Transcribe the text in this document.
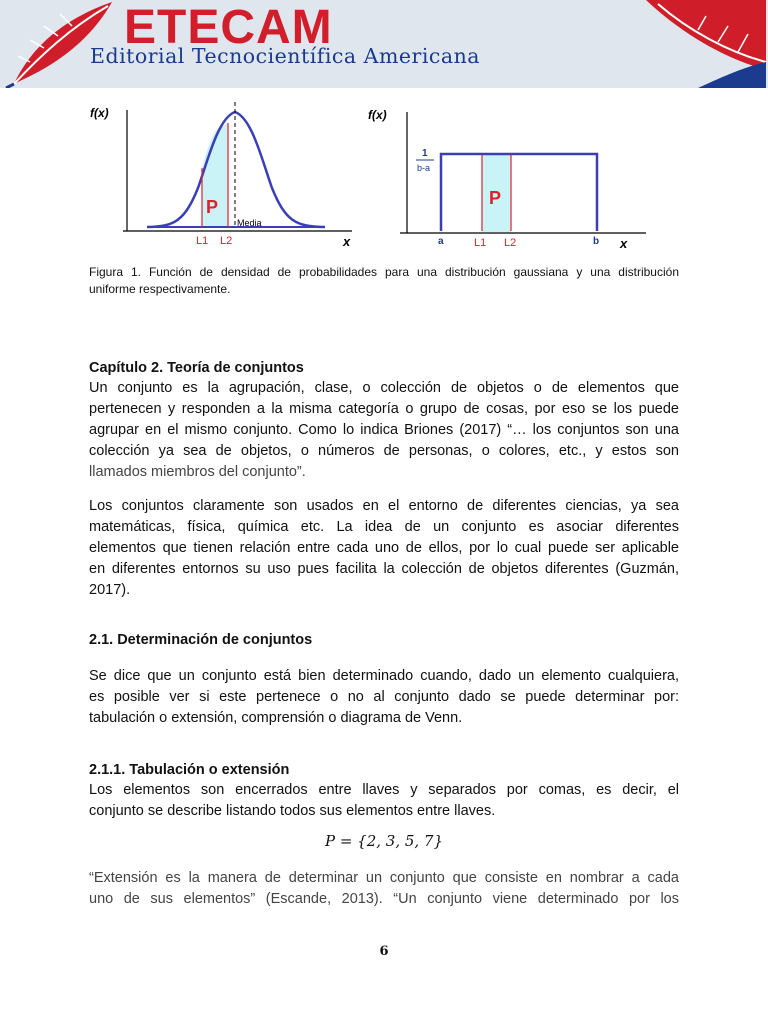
ETECAM
Editorial Tecnocientífica Americana
f(x)
x
P
L1 L2
Media
1
b-a
f(x)
x
P
a	b
L1 L2
Figura 1. Función de densidad de probabilidades para una distribución gaussiana y una distribución
uniforme respectivamente.
Capítulo 2. Teoría de conjuntos
Un conjunto es la agrupación, clase, o colección de objetos o de elementos que
pertenecen y responden a la misma categoría o grupo de cosas, por eso se los puede
agrupar en el mismo conjunto. Como lo indica Briones (2017) “… los conjuntos son una
colección ya sea de objetos, o números de personas, o colores, etc., y estos son
llamados miembros del conjunto”.
Los conjuntos claramente son usados en el entorno de diferentes ciencias, ya sea
matemáticas, física, química etc. La idea de un conjunto es asociar diferentes
elementos que tienen relación entre cada uno de ellos, por lo cual puede ser aplicable
en diferentes entornos su uso pues facilita la colección de objetos diferentes (Guzmán,
2017).
2.1. Determinación de conjuntos
Se dice que un conjunto está bien determinado cuando, dado un elemento cualquiera,
es posible ver si este pertenece o no al conjunto dado se puede determinar por:
tabulación o extensión, comprensión o diagrama de Venn.
2.1.1. Tabulación o extensión
Los elementos son encerrados entre llaves y separados por comas, es decir, el
conjunto se describe listando todos sus elementos entre llaves.
P = {2, 3, 5, 7}
“Extensión es la manera de determinar un conjunto que consiste en nombrar a cada
uno de sus elementos” (Escande, 2013). “Un conjunto viene determinado por los
6
